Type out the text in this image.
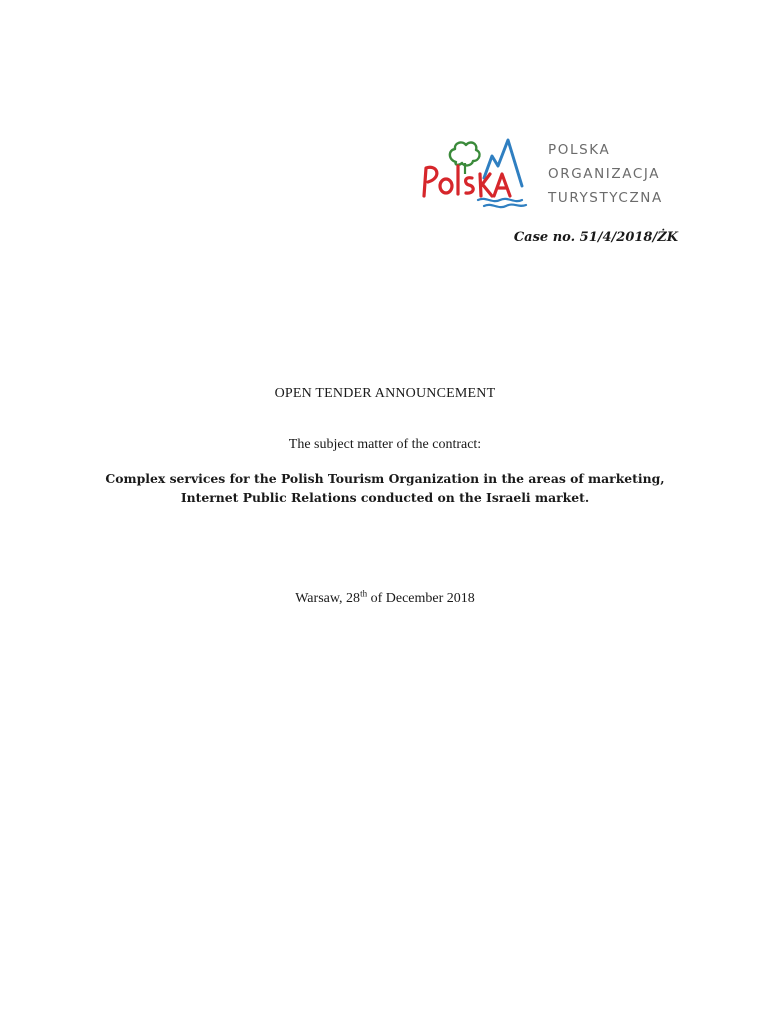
POLSKA
ORGANIZACJA
TURYSTYCZNA
Case no. 51/4/2018/ŻK
OPEN TENDER ANNOUNCEMENT
The subject matter of the contract:
Complex services for the Polish Tourism Organization in the areas of marketing, Internet Public Relations conducted on the Israeli market.
Warsaw, 28th of December 2018
